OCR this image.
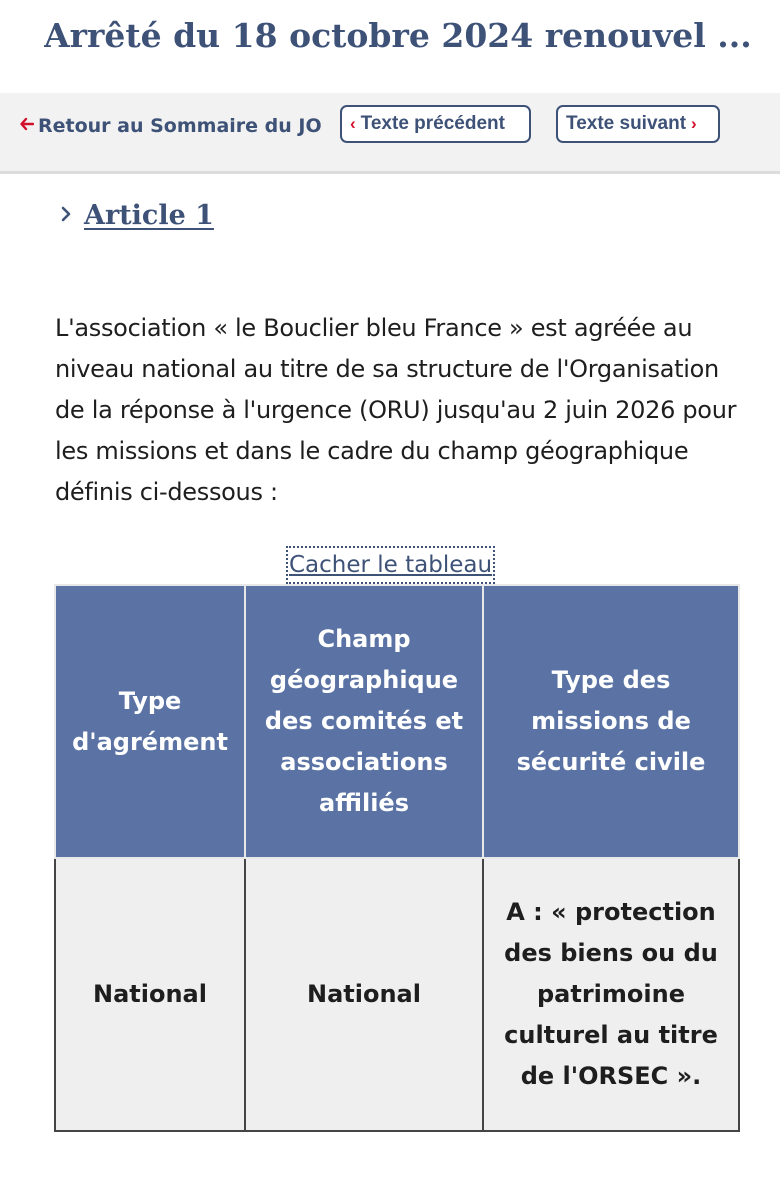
Arrêté du 18 octobre 2024 renouvel ...
Retour au Sommaire du JO ‹ Texte précédent	Texte suivant ›
Article 1

L'association « le Bouclier bleu France » est agréée au niveau national au titre de sa structure de l'Organisation de la réponse à l'urgence (ORU) jusqu'au 2 juin 2026 pour les missions et dans le cadre du champ géographique définis ci-dessous :

Cacher le tableau
Type d'agrément	Champ géographique des comités et associations affiliés	Type des missions de sécurité civile
National	National	A : « protection des biens ou du patrimoine culturel au titre de l'ORSEC ».
